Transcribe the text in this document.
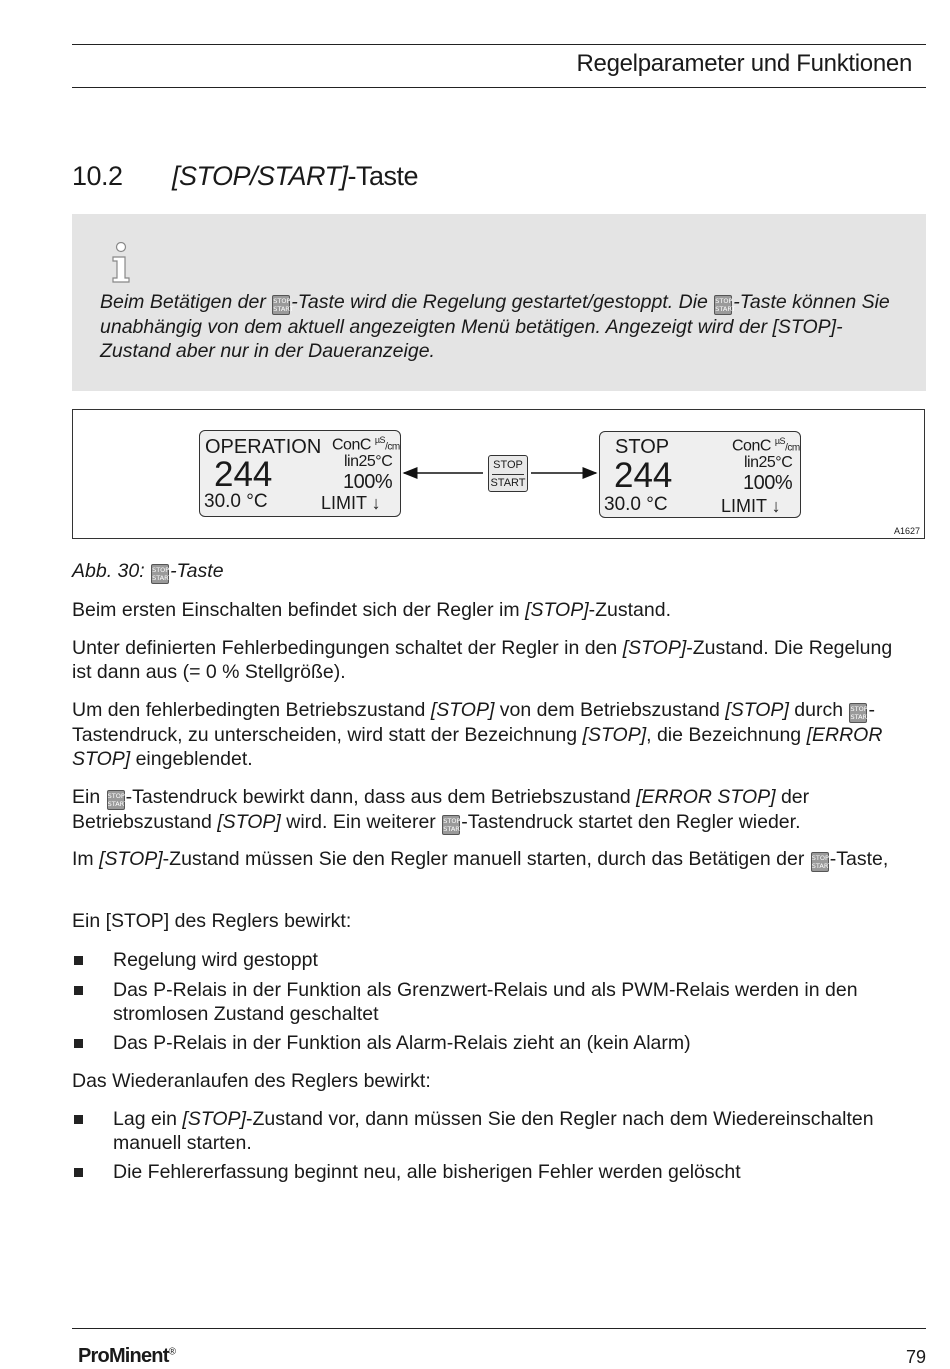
Regelparameter und Funktionen
10.2 [STOP/START]-Taste
Beim Betätigen der STOP
START
-Taste wird die Regelung gestartet/gestoppt. Die STOP
START
-Taste können Sie unabhängig von dem aktuell angezeigten Menü betätigen. Angezeigt wird der [STOP]-Zustand aber nur in der Daueranzeige.
OPERATION
244
30.0 °C
ConC $^{\mu S}$/cm
lin25°C
100%
LIMIT ↓
STOP
START
STOP
244
30.0 °C
ConC $^{\mu S}$/cm
lin25°C
100%
LIMIT ↓
A1627
Abb. 30: STOP
START
-Taste
Beim ersten Einschalten befindet sich der Regler im [STOP]-Zustand.
Unter definierten Fehlerbedingungen schaltet der Regler in den [STOP]-Zustand. Die Regelung ist dann aus (= 0 % Stellgröße).
Um den fehlerbedingten Betriebszustand [STOP] von dem Betriebszustand [STOP] durch STOP
START
-Tastendruck, zu unterscheiden, wird statt der Bezeichnung [STOP], die Bezeichnung [ERROR STOP] eingeblendet.
Ein STOP
START
-Tastendruck bewirkt dann, dass aus dem Betriebszustand [ERROR STOP] der Betriebszustand [STOP] wird. Ein weiterer STOP
START
-Tastendruck startet den Regler wieder.
Im [STOP]-Zustand müssen Sie den Regler manuell starten, durch das Betätigen der STOP
START
-Taste,
Ein [STOP] des Reglers bewirkt:
Regelung wird gestoppt
Das P-Relais in der Funktion als Grenzwert-Relais und als PWM-Relais werden in den stromlosen Zustand geschaltet
Das P-Relais in der Funktion als Alarm-Relais zieht an (kein Alarm)
Das Wiederanlaufen des Reglers bewirkt:
Lag ein [STOP]-Zustand vor, dann müssen Sie den Regler nach dem Wiedereinschalten manuell starten.
Die Fehlererfassung beginnt neu, alle bisherigen Fehler werden gelöscht
ProMinent®	79
